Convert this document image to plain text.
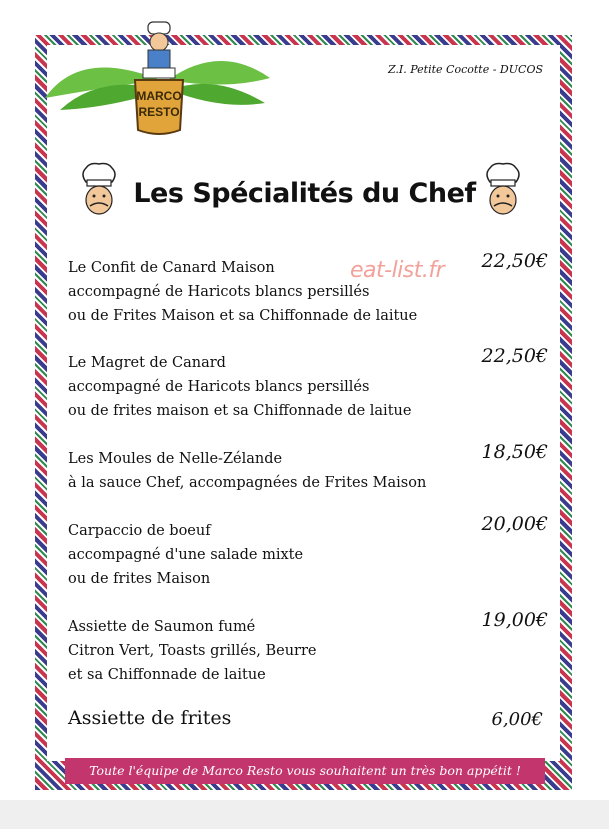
MARCO
RESTO
Z.I. Petite Cocotte - DUCOS
Les Spécialités du Chef
eat-list.fr
Le Confit de Canard Maison
accompagné de Haricots blancs persillés
ou de Frites Maison et sa Chiffonnade de laitue
22,50€
Le Magret de Canard
accompagné de Haricots blancs persillés
ou de frites maison et sa Chiffonnade de laitue
22,50€
Les Moules de Nelle-Zélande
à la sauce Chef, accompagnées de Frites Maison
18,50€
Carpaccio de boeuf
accompagné d'une salade mixte
ou de frites Maison
20,00€
Assiette de Saumon fumé
Citron Vert, Toasts grillés, Beurre
et sa Chiffonnade de laitue
19,00€
Assiette de frites	6,00€
Toute l'équipe de Marco Resto vous souhaitent un très bon appétit !
